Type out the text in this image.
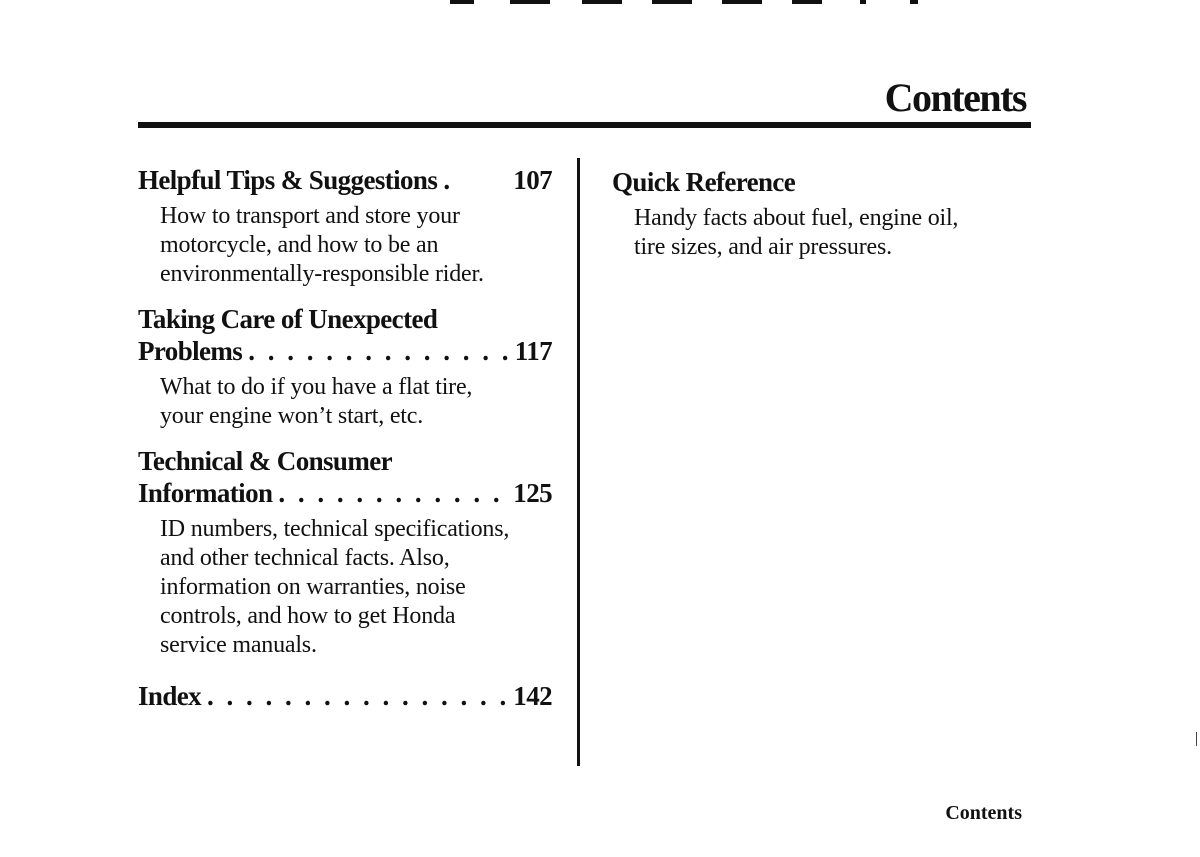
Contents
Helpful Tips & Suggestions . 107
How to transport and store your
motorcycle, and how to be an
environmentally-responsible rider.
Taking Care of Unexpected
Problems . . .	117
What to do if you have a flat tire,
your engine won’t start, etc.
Technical & Consumer
Information . . .	125
ID numbers, technical specifications,
and other technical facts. Also,
information on warranties, noise
controls, and how to get Honda
service manuals.
Index . . .	142
Quick Reference
Handy facts about fuel, engine oil,
tire sizes, and air pressures.
Contents
